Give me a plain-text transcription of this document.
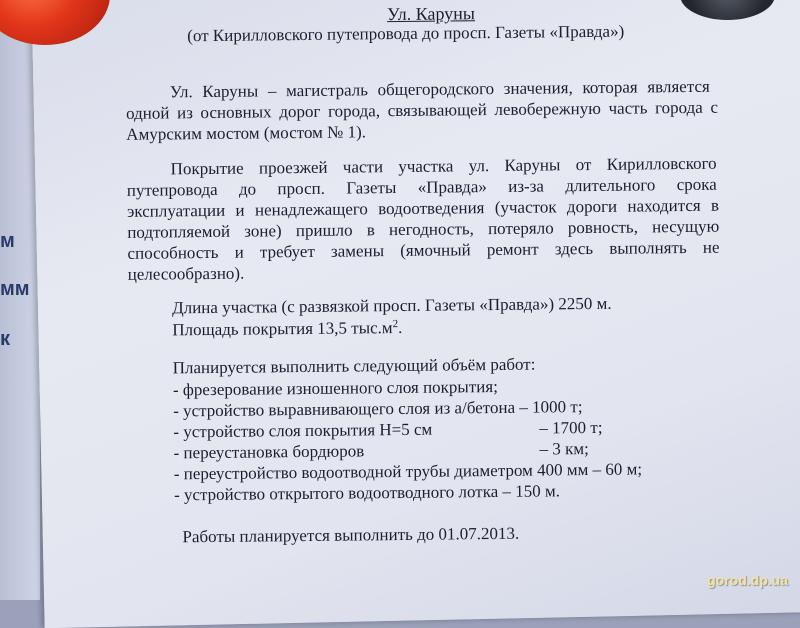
м
мм
к
Ул. Каруны
(от Кирилловского путепровода до просп. Газеты «Правда»)
Ул. Каруны – магистраль общегородского значения, которая является
одной из основных дорог города, связывающей левобережную часть города с
Амурским мостом (мостом № 1).
Покрытие проезжей части участка ул. Каруны от Кирилловского
путепровода до просп. Газеты «Правда» из-за длительного срока
эксплуатации и ненадлежащего водоотведения (участок дороги находится в
подтопляемой зоне) пришло в негодность, потеряло ровность, несущую
способность и требует замены (ямочный ремонт здесь выполнять не
целесообразно).
Длина участка (с развязкой просп. Газеты «Правда») 2250 м.
Площадь покрытия 13,5 $тыс.м^2$.
Планируется выполнить следующий объём работ:
- фрезерование изношенного слоя покрытия;
- устройство выравнивающего слоя из а/бетона – 1000 т;
- устройство слоя покрытия Н=5 см	– 1700 т;
- переустановка бордюров	– 3 км;
- переустройство водоотводной трубы диаметром 400 мм – 60 м;
- устройство открытого водоотводного лотка – 150 м.
Работы планируется выполнить до 01.07.2013.
gorod.dp.ua
